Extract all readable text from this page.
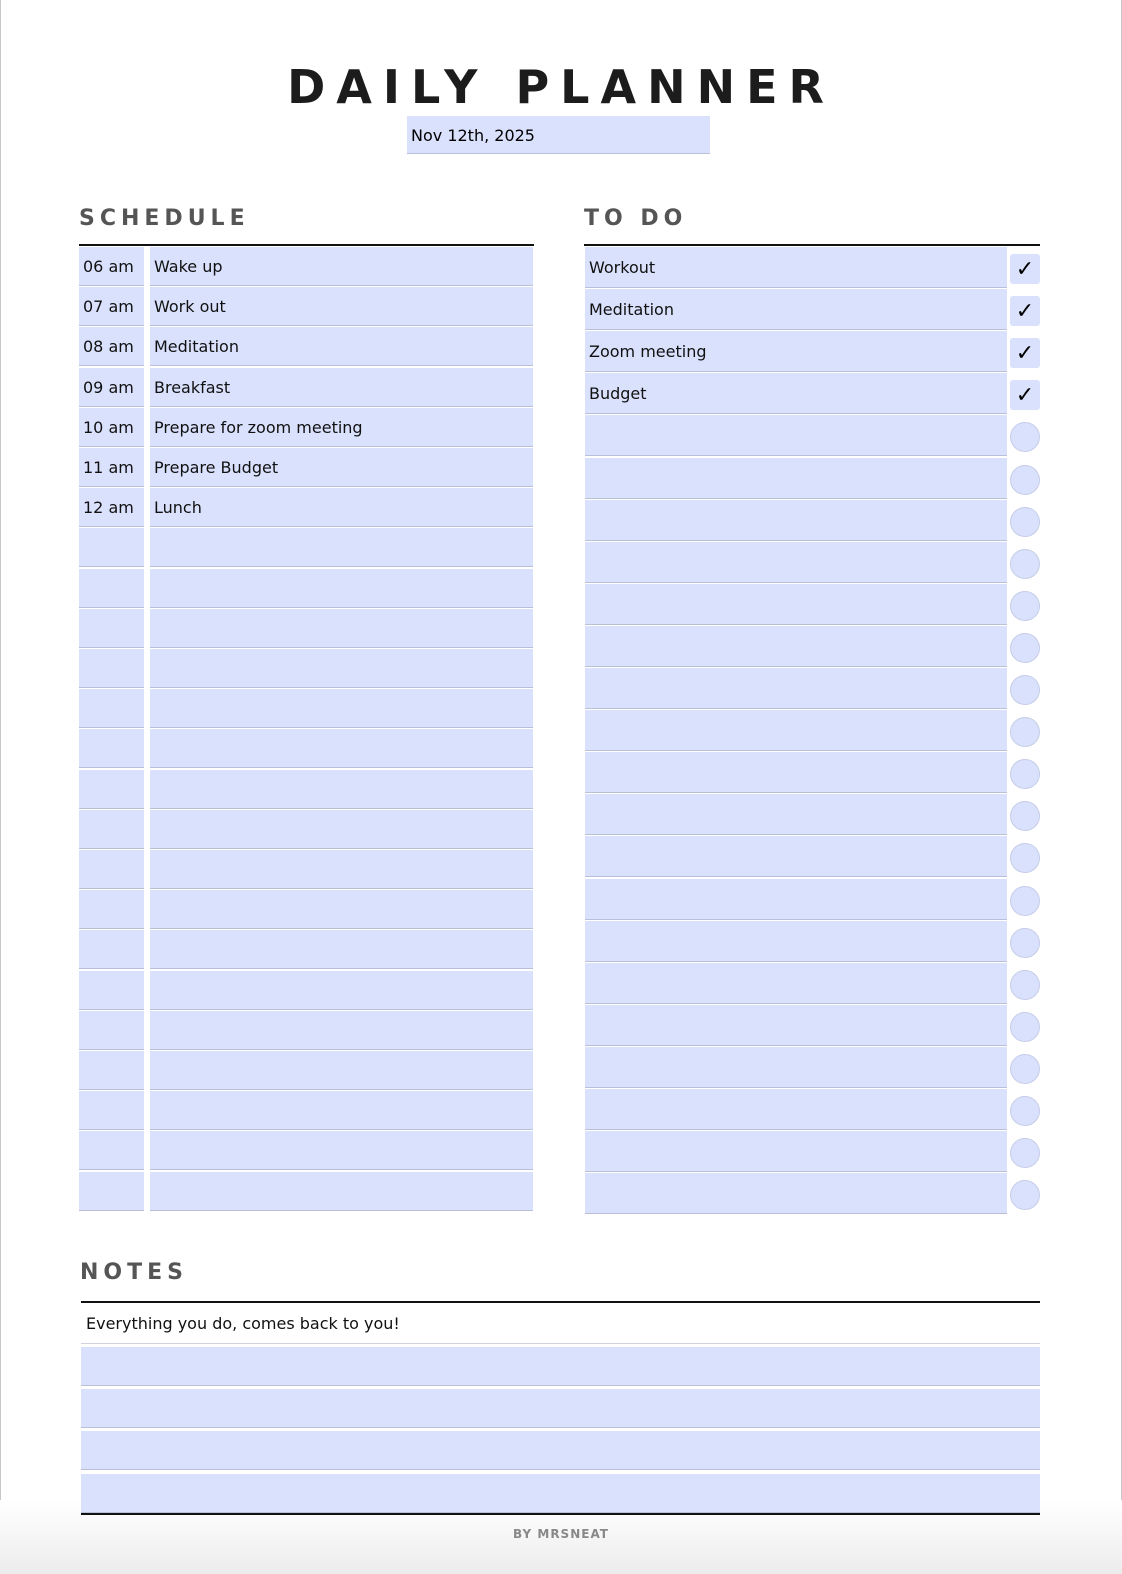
DAILY PLANNER
Nov 12th, 2025
SCHEDULE	TO DO
06 am	Wake up
07 am	Work out
08 am	Meditation
09 am	Breakfast
10 am	Prepare for zoom meeting
11 am	Prepare Budget
12 am	Lunch
Workout	✓
Meditation	✓
Zoom meeting	✓
Budget	✓
NOTES
Everything you do, comes back to you!
BY MRSNEAT
